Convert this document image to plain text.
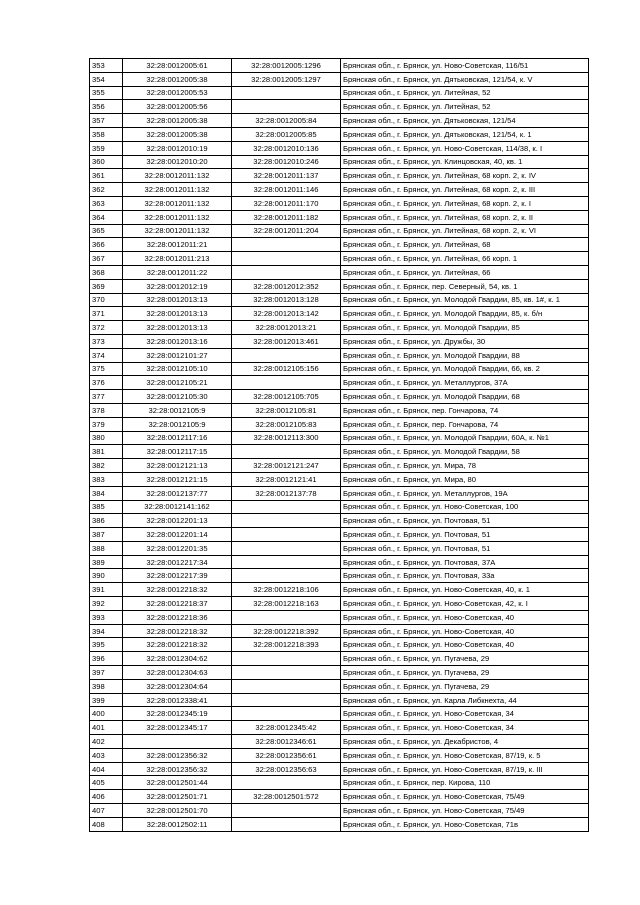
353	32:28:0012005:61	32:28:0012005:1296	Брянская обл., г. Брянск, ул. Ново-Советская, 116/51
354	32:28:0012005:38	32:28:0012005:1297	Брянская обл., г. Брянск, ул. Дятьковская, 121/54, к. V
355	32:28:0012005:53		Брянская обл., г. Брянск, ул. Литейная, 52
356	32:28:0012005:56		Брянская обл., г. Брянск, ул. Литейная, 52
357	32:28:0012005:38	32:28:0012005:84	Брянская обл., г. Брянск, ул. Дятьковская, 121/54
358	32:28:0012005:38	32:28:0012005:85	Брянская обл., г. Брянск, ул. Дятьковская, 121/54, к. 1
359	32:28:0012010:19	32:28:0012010:136	Брянская обл., г. Брянск, ул. Ново-Советская, 114/38, к. I
360	32:28:0012010:20	32:28:0012010:246	Брянская обл., г. Брянск, ул. Клинцовская, 40, кв. 1
361	32:28:0012011:132	32:28:0012011:137	Брянская обл., г. Брянск, ул. Литейная, 68 корп. 2, к. IV
362	32:28:0012011:132	32:28:0012011:146	Брянская обл., г. Брянск, ул. Литейная, 68 корп. 2, к. III
363	32:28:0012011:132	32:28:0012011:170	Брянская обл., г. Брянск, ул. Литейная, 68 корп. 2, к. I
364	32:28:0012011:132	32:28:0012011:182	Брянская обл., г. Брянск, ул. Литейная, 68 корп. 2, к. II
365	32:28:0012011:132	32:28:0012011:204	Брянская обл., г. Брянск, ул. Литейная, 68 корп. 2, к. VI
366	32:28:0012011:21		Брянская обл., г. Брянск, ул. Литейная, 68
367	32:28:0012011:213		Брянская обл., г. Брянск, ул. Литейная, 66 корп. 1
368	32:28:0012011:22		Брянская обл., г. Брянск, ул. Литейная, 66
369	32:28:0012012:19	32:28:0012012:352	Брянская обл., г. Брянск, пер. Северный, 54, кв. 1
370	32:28:0012013:13	32:28:0012013:128	Брянская обл., г. Брянск, ул. Молодой Гвардии, 85, кв. 1#, к. 1
371	32:28:0012013:13	32:28:0012013:142	Брянская обл., г. Брянск, ул. Молодой Гвардии, 85, к. б/н
372	32:28:0012013:13	32:28:0012013:21	Брянская обл., г. Брянск, ул. Молодой Гвардии, 85
373	32:28:0012013:16	32:28:0012013:461	Брянская обл., г. Брянск, ул. Дружбы, 30
374	32:28:0012101:27		Брянская обл., г. Брянск, ул. Молодой Гвардии, 88
375	32:28:0012105:10	32:28:0012105:156	Брянская обл., г. Брянск, ул. Молодой Гвардии, 66, кв. 2
376	32:28:0012105:21		Брянская обл., г. Брянск, ул. Металлургов, 37А
377	32:28:0012105:30	32:28:0012105:705	Брянская обл., г. Брянск, ул. Молодой Гвардии, 68
378	32:28:0012105:9	32:28:0012105:81	Брянская обл., г. Брянск, пер. Гончарова, 74
379	32:28:0012105:9	32:28:0012105:83	Брянская обл., г. Брянск, пер. Гончарова, 74
380	32:28:0012117:16	32:28:0012113:300	Брянская обл., г. Брянск, ул. Молодой Гвардии, 60А, к. №1
381	32:28:0012117:15		Брянская обл., г. Брянск, ул. Молодой Гвардии, 58
382	32:28:0012121:13	32:28:0012121:247	Брянская обл., г. Брянск, ул. Мира, 78
383	32:28:0012121:15	32:28:0012121:41	Брянская обл., г. Брянск, ул. Мира, 80
384	32:28:0012137:77	32:28:0012137:78	Брянская обл., г. Брянск, ул. Металлургов, 19А
385	32:28:0012141:162		Брянская обл., г. Брянск, ул. Ново-Советская, 100
386	32:28:0012201:13		Брянская обл., г. Брянск, ул. Почтовая, 51
387	32:28:0012201:14		Брянская обл., г. Брянск, ул. Почтовая, 51
388	32:28:0012201:35		Брянская обл., г. Брянск, ул. Почтовая, 51
389	32:28:0012217:34		Брянская обл., г. Брянск, ул. Почтовая, 37А
390	32:28:0012217:39		Брянская обл., г. Брянск, ул. Почтовая, 33а
391	32:28:0012218:32	32:28:0012218:106	Брянская обл., г. Брянск, ул. Ново-Советская, 40, к. 1
392	32:28:0012218:37	32:28:0012218:163	Брянская обл., г. Брянск, ул. Ново-Советская, 42, к. I
393	32:28:0012218:36		Брянская обл., г. Брянск, ул. Ново-Советская, 40
394	32:28:0012218:32	32:28:0012218:392	Брянская обл., г. Брянск, ул. Ново-Советская, 40
395	32:28:0012218:32	32:28:0012218:393	Брянская обл., г. Брянск, ул. Ново-Советская, 40
396	32:28:0012304:62		Брянская обл., г. Брянск, ул. Пугачева, 29
397	32:28:0012304:63		Брянская обл., г. Брянск, ул. Пугачева, 29
398	32:28:0012304:64		Брянская обл., г. Брянск, ул. Пугачева, 29
399	32:28:0012338:41		Брянская обл., г. Брянск, ул. Карла Либкнехта, 44
400	32:28:0012345:19		Брянская обл., г. Брянск, ул. Ново-Советская, 34
401	32:28:0012345:17	32:28:0012345:42	Брянская обл., г. Брянск, ул. Ново-Советская, 34
402		32:28:0012346:61	Брянская обл., г. Брянск, ул. Декабристов, 4
403	32:28:0012356:32	32:28:0012356:61	Брянская обл., г. Брянск, ул. Ново-Советская, 87/19, к. 5
404	32:28:0012356:32	32:28:0012356:63	Брянская обл., г. Брянск, ул. Ново-Советская, 87/19, к. III
405	32:28:0012501:44		Брянская обл., г. Брянск, пер. Кирова, 110
406	32:28:0012501:71	32:28:0012501:572	Брянская обл., г. Брянск, ул. Ново-Советская, 75/49
407	32:28:0012501:70		Брянская обл., г. Брянск, ул. Ново-Советская, 75/49
408	32:28:0012502:11		Брянская обл., г. Брянск, ул. Ново-Советская, 71в
